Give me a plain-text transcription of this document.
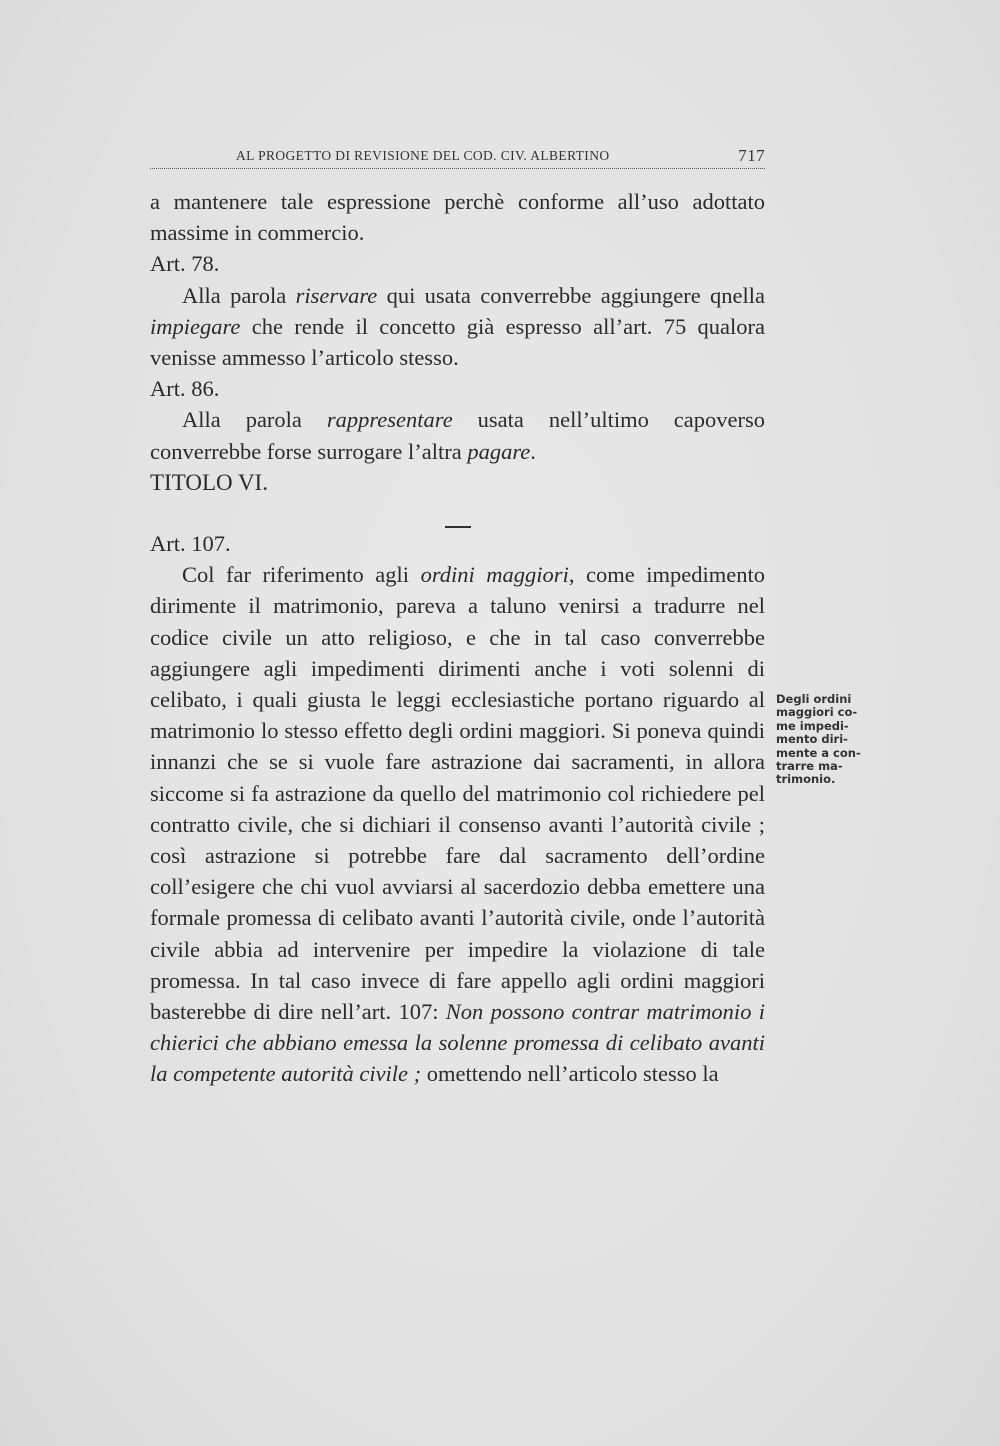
AL PROGETTO DI REVISIONE DEL COD. CIV. ALBERTINO	717

a mantenere tale espressione perchè conforme all’uso adottato massime in commercio.

Art. 78.

Alla parola riservare qui usata converrebbe aggiungere qnella impiegare che rende il concetto già espresso all’art. 75 qualora venisse ammesso l’articolo stesso.

Art. 86.

Alla parola rappresentare usata nell’ultimo capoverso converrebbe forse surrogare l’altra pagare.

TITOLO VI.

Art. 107.

Col far riferimento agli ordini maggiori, come impedimento dirimente il matrimonio, pareva a taluno venirsi a tradurre nel codice civile un atto religioso, e che in tal caso converrebbe aggiungere agli impedimenti dirimenti anche i voti solenni di celibato, i quali giusta le leggi ecclesiastiche portano riguardo al matrimonio lo stesso effetto degli ordini maggiori. Si poneva quindi innanzi che se si vuole fare astrazione dai sacramenti, in allora siccome si fa astrazione da quello del matrimonio col richiedere pel contratto civile, che si dichiari il consenso avanti l’autorità civile ; così astrazione si potrebbe fare dal sacramento dell’ordine coll’esigere che chi vuol avviarsi al sacerdozio debba emettere una formale promessa di celibato avanti l’autorità civile, onde l’autorità civile abbia ad intervenire per impedire la violazione di tale promessa. In tal caso invece di fare appello agli ordini maggiori basterebbe di dire nell’art. 107: Non possono contrar matrimonio i chierici che abbiano emessa la solenne promessa di celibato avanti la competente autorità civile ; omettendo nell’articolo stesso la

Degli ordini
maggiori co-
me impedi-
mento diri-
mente a con-
trarre ma-
trimonio.
